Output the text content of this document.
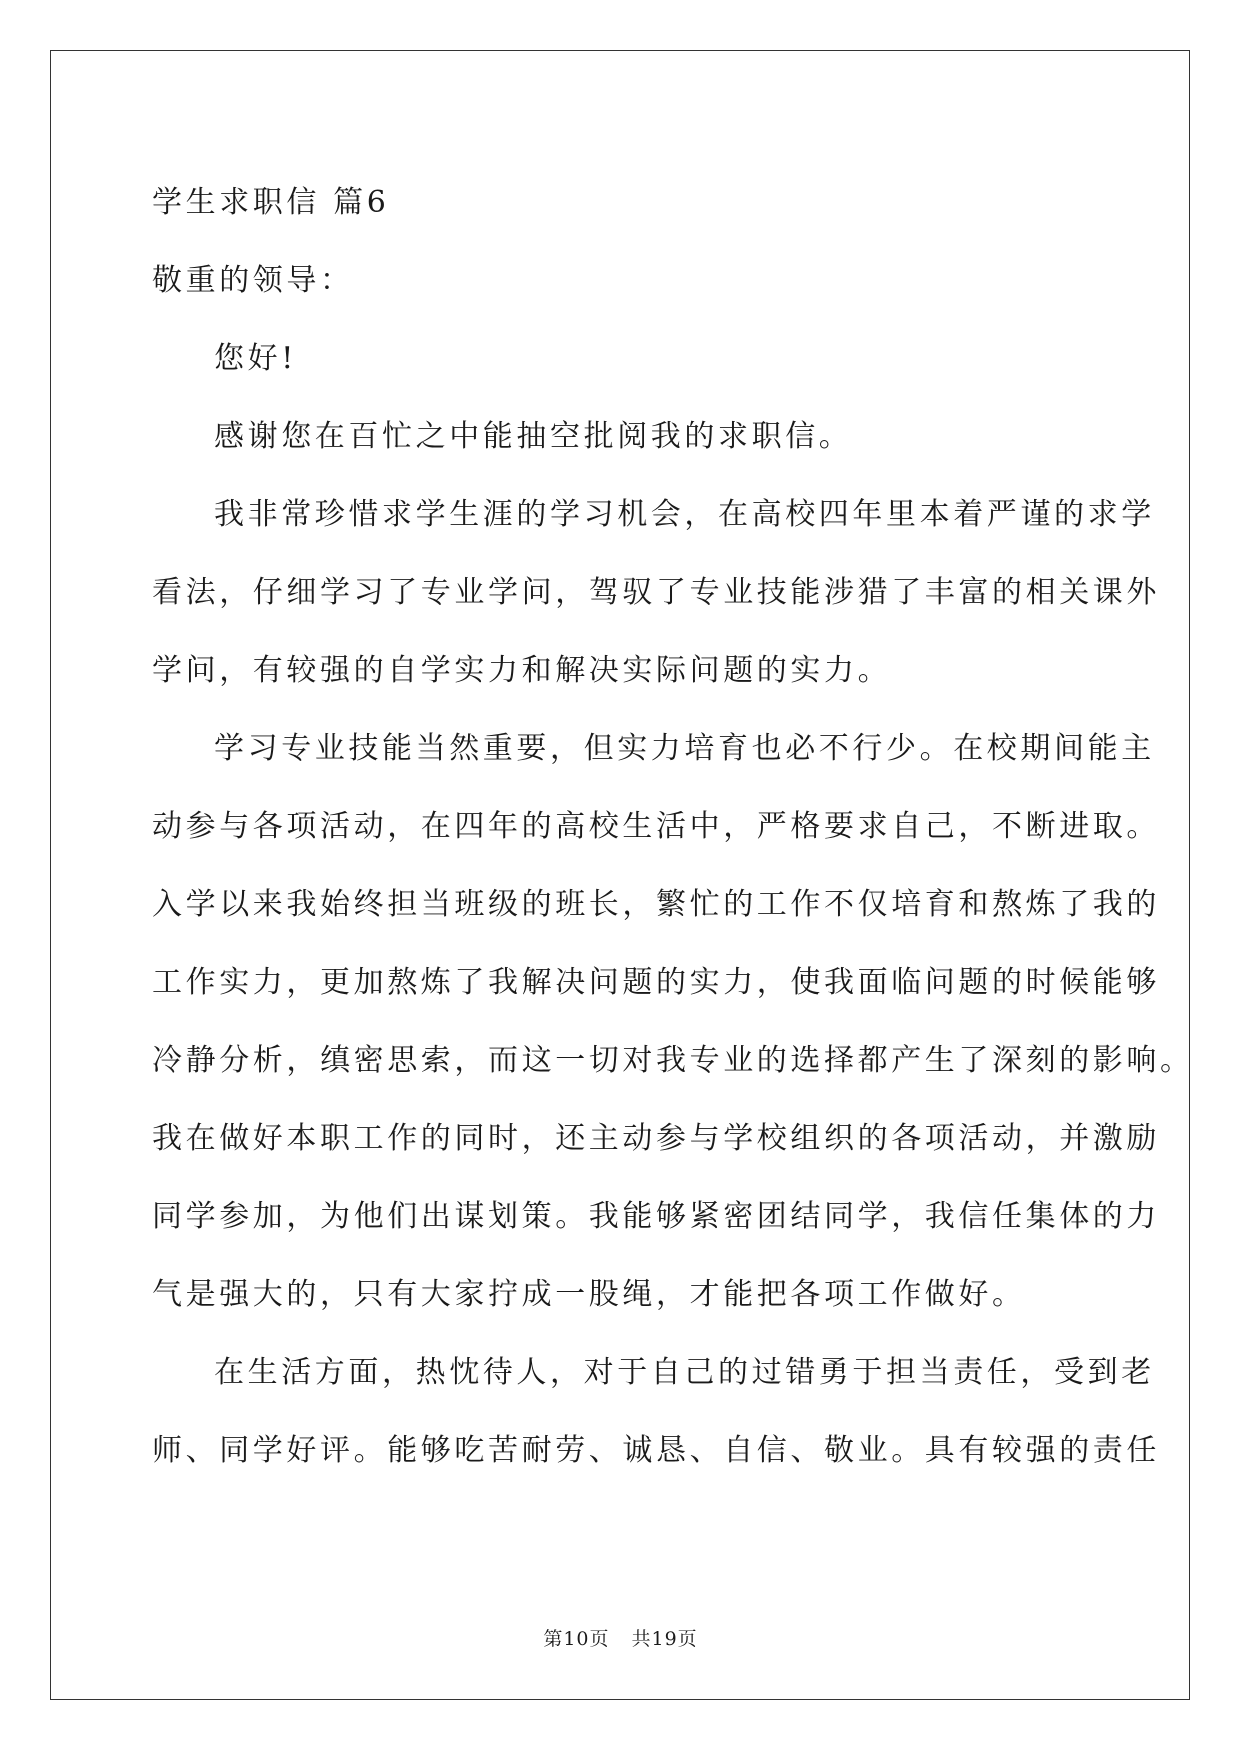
学生求职信 篇6
敬重的领导：
您好!
感谢您在百忙之中能抽空批阅我的求职信。
我非常珍惜求学生涯的学习机会，在高校四年里本着严谨的求学
看法，仔细学习了专业学问，驾驭了专业技能涉猎了丰富的相关课外
学问，有较强的自学实力和解决实际问题的实力。
学习专业技能当然重要，但实力培育也必不行少。在校期间能主
动参与各项活动，在四年的高校生活中，严格要求自己，不断进取。
入学以来我始终担当班级的班长，繁忙的工作不仅培育和熬炼了我的
工作实力，更加熬炼了我解决问题的实力，使我面临问题的时候能够
冷静分析，缜密思索，而这一切对我专业的选择都产生了深刻的影响。
我在做好本职工作的同时，还主动参与学校组织的各项活动，并激励
同学参加，为他们出谋划策。我能够紧密团结同学，我信任集体的力
气是强大的，只有大家拧成一股绳，才能把各项工作做好。
在生活方面，热忱待人，对于自己的过错勇于担当责任，受到老
师、同学好评。能够吃苦耐劳、诚恳、自信、敬业。具有较强的责任
第10页 共19页
